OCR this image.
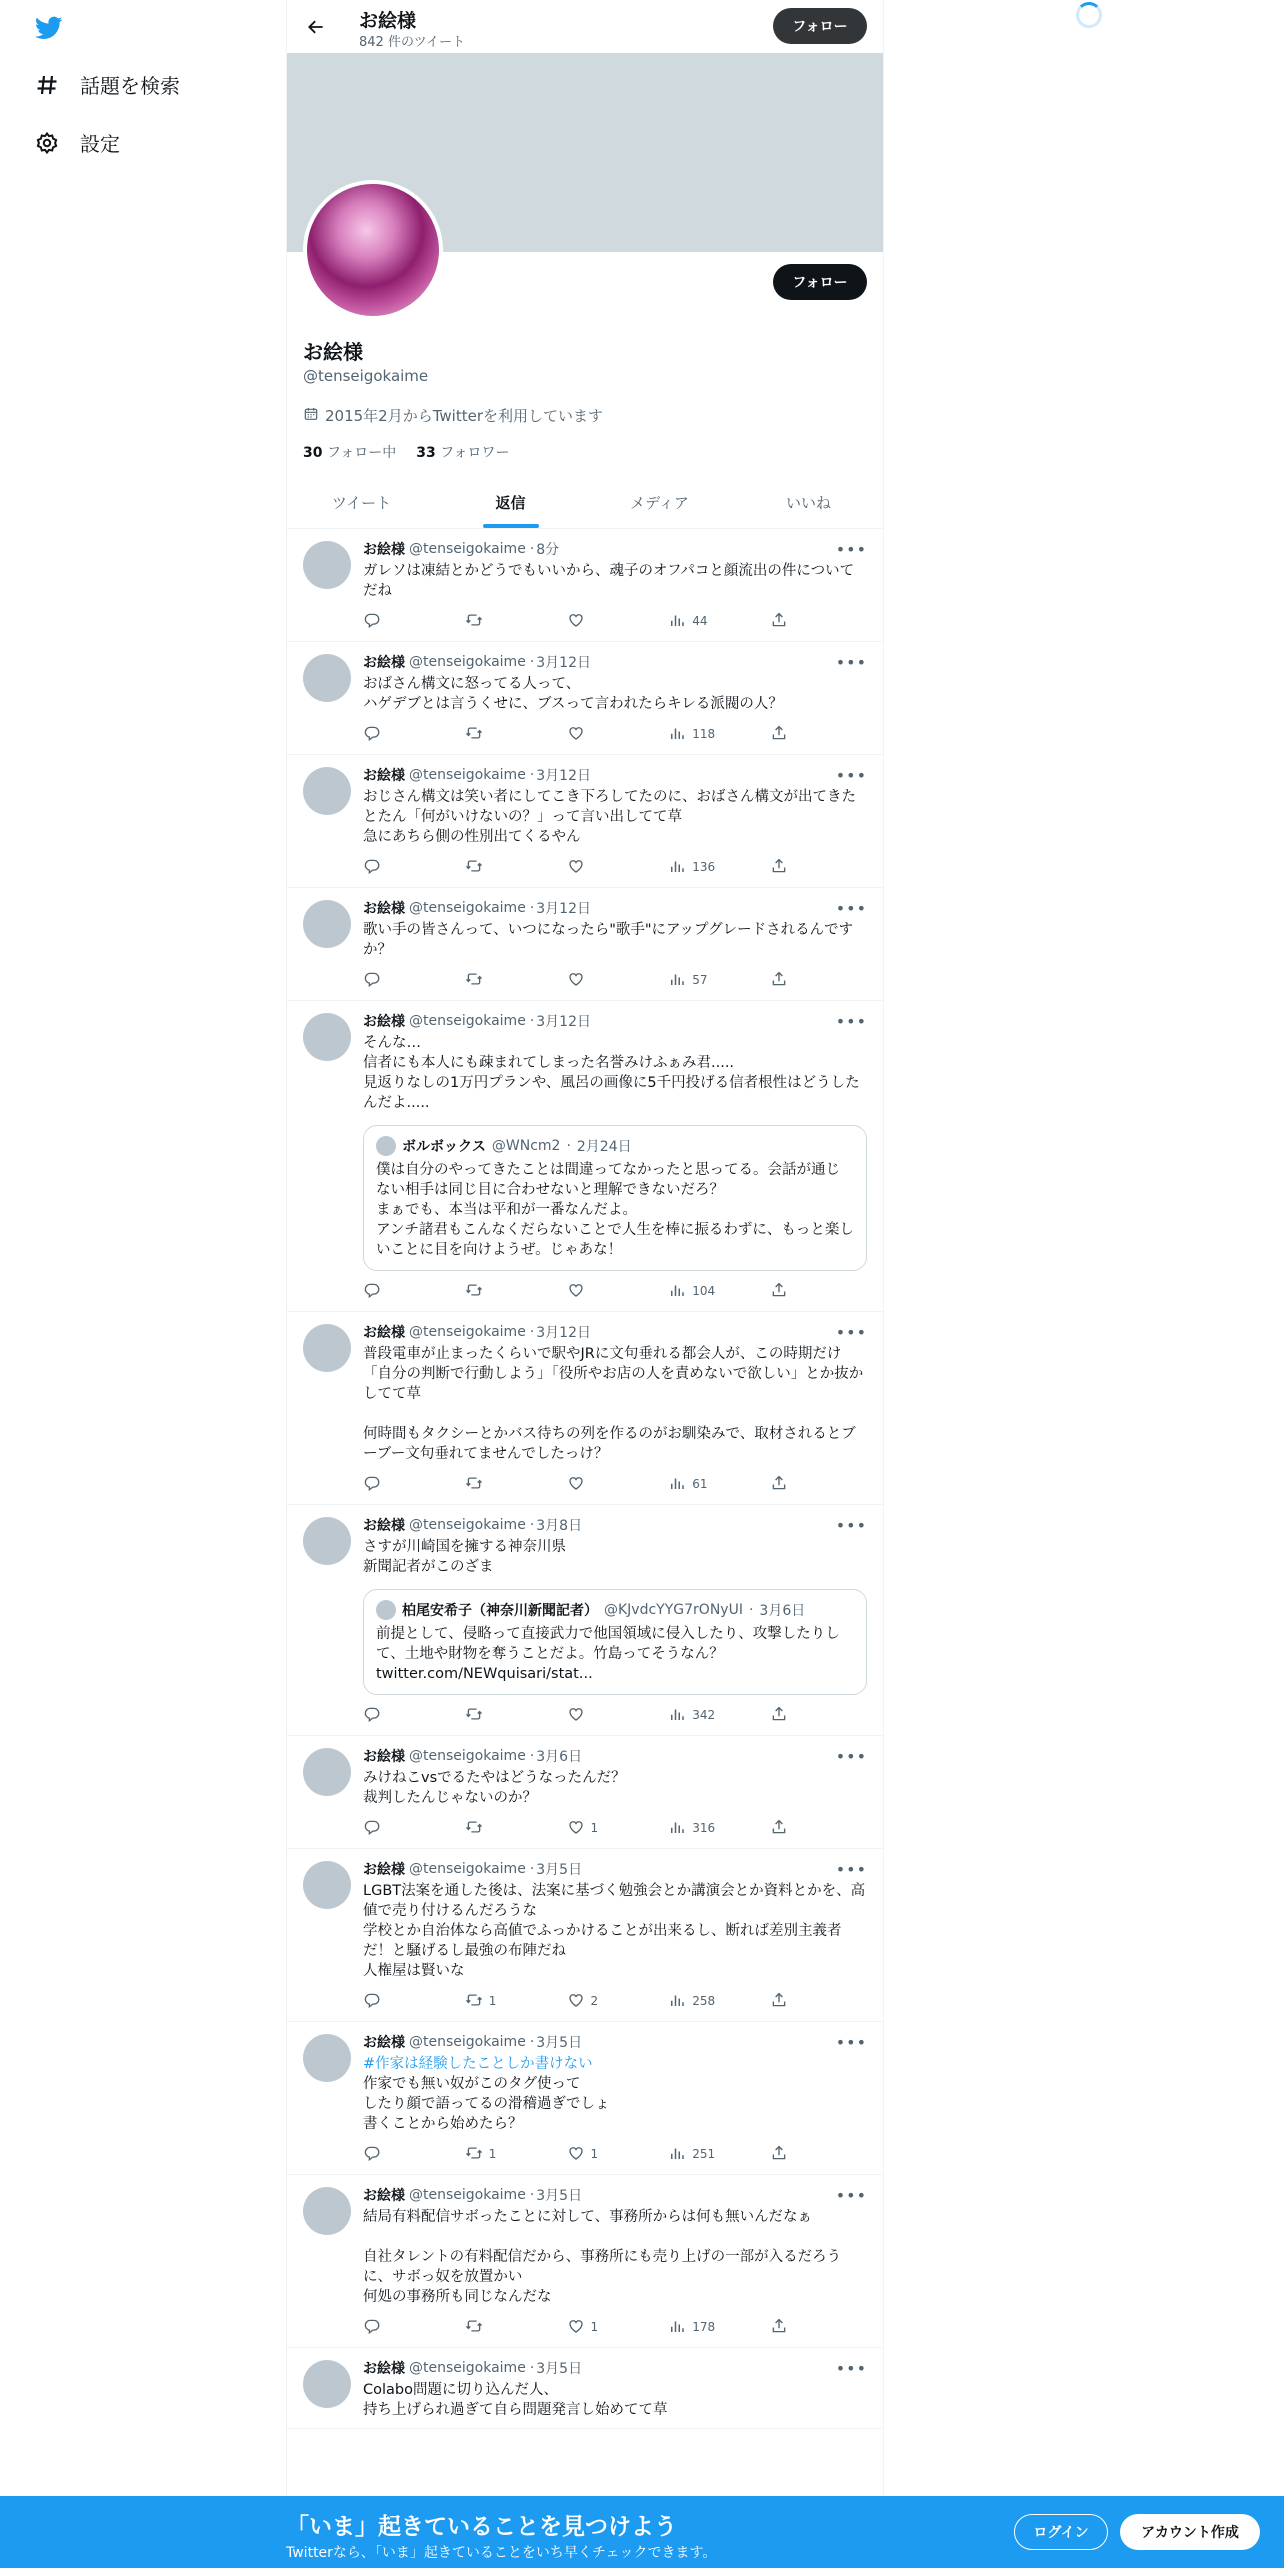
話題を検索
設定
お絵様
842 件のツイート
フォロー
フォロー
お絵様
@tenseigokaime
2015年2月からTwitterを利用しています
30 フォロー中 33 フォロワー
ツイート	返信	メディア	いいね
お絵様 @tenseigokaime · 8分	•••
ガレソは凍結とかどうでもいいから、魂子のオフパコと顔流出の件についてだね
44
お絵様 @tenseigokaime · 3月12日	•••
おばさん構文に怒ってる人って、
ハゲデブとは言うくせに、ブスって言われたらキレる派閥の人？
118
お絵様 @tenseigokaime · 3月12日	•••
おじさん構文は笑い者にしてこき下ろしてたのに、おばさん構文が出てきたとたん「何がいけないの？」って言い出してて草
急にあちら側の性別出てくるやん
136
お絵様 @tenseigokaime · 3月12日	•••
歌い手の皆さんって、いつになったら"歌手"にアップグレードされるんですか？
57
お絵様 @tenseigokaime · 3月12日	•••
そんな…
信者にも本人にも疎まれてしまった名誉みけふぁみ君.....
見返りなしの1万円プランや、風呂の画像に5千円投げる信者根性はどうしたんだよ.....
ボルボックス @WNcm2 · 2月24日
僕は自分のやってきたことは間違ってなかったと思ってる。会話が通じない相手は同じ目に合わせないと理解できないだろ？
まぁでも、本当は平和が一番なんだよ。
アンチ諸君もこんなくだらないことで人生を棒に振るわずに、もっと楽しいことに目を向けようぜ。じゃあな！
104
お絵様 @tenseigokaime · 3月12日	•••
普段電車が止まったくらいで駅やJRに文句垂れる都会人が、この時期だけ「自分の判断で行動しよう」「役所やお店の人を責めないで欲しい」とか抜かしてて草

何時間もタクシーとかバス待ちの列を作るのがお馴染みで、取材されるとブーブー文句垂れてませんでしたっけ？
61
お絵様 @tenseigokaime · 3月8日	•••
さすが川崎国を擁する神奈川県
新聞記者がこのざま
柏尾安希子（神奈川新聞記者） @KJvdcYYG7rONyUI · 3月6日
前提として、侵略って直接武力で他国領域に侵入したり、攻撃したりして、土地や財物を奪うことだよ。竹島ってそうなん？
twitter.com/NEWquisari/stat...
342
お絵様 @tenseigokaime · 3月6日	•••
みけねこvsでるたやはどうなったんだ？
裁判したんじゃないのか？
1	316
お絵様 @tenseigokaime · 3月5日	•••
LGBT法案を通した後は、法案に基づく勉強会とか講演会とか資料とかを、高値で売り付けるんだろうな
学校とか自治体なら高値でふっかけることが出来るし、断れば差別主義者だ！と騒げるし最強の布陣だね
人権屋は賢いな
1	2	258
お絵様 @tenseigokaime · 3月5日	•••
#作家は経験したことしか書けない
作家でも無い奴がこのタグ使って
したり顔で語ってるの滑稽過ぎでしょ
書くことから始めたら？
1	1	251
お絵様 @tenseigokaime · 3月5日	•••
結局有料配信サボったことに対して、事務所からは何も無いんだなぁ

自社タレントの有料配信だから、事務所にも売り上げの一部が入るだろうに、サボっ奴を放置かい
何処の事務所も同じなんだな
1	178
お絵様 @tenseigokaime · 3月5日	•••
Colabo問題に切り込んだ人、
持ち上げられ過ぎて自ら問題発言し始めてて草
「いま」起きていることを見つけよう
Twitterなら、「いま」起きていることをいち早くチェックできます。
ログイン	アカウント作成
